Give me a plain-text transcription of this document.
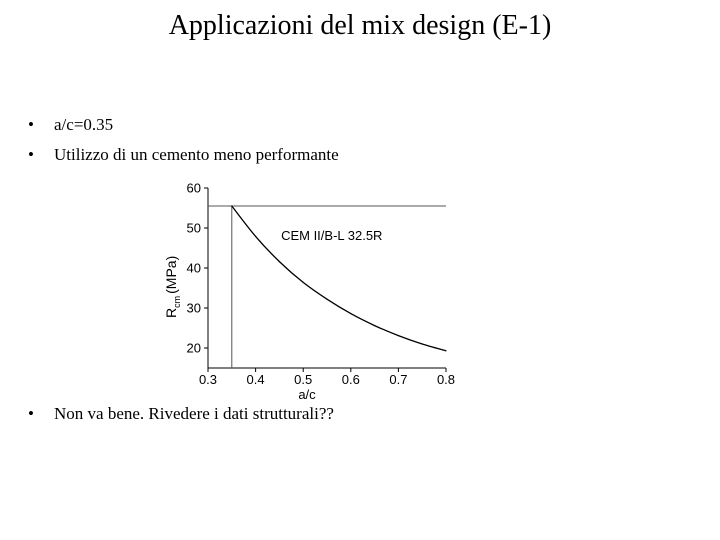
Applicazioni del mix design (E-1)
• a/c=0.35
• Utilizzo di un cemento meno performante
• Non va bene. Rivedere i dati strutturali??
0.3 0.4 0.5 0.6 0.7 0.8
20
30
40
50
60
a/c
$R_{cm}(MPa)$
CEM II/B-L 32.5R
